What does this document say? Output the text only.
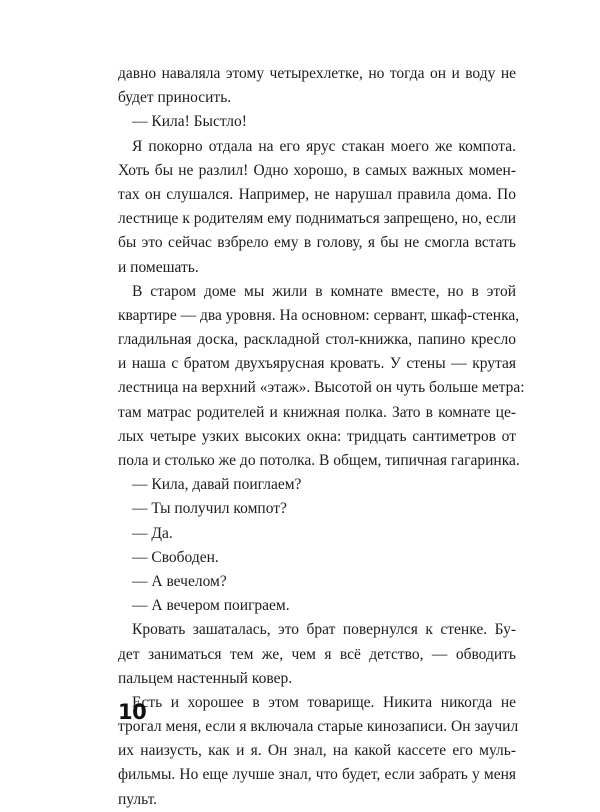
давно наваляла этому четырехлетке, но тогда он и воду не
будет приносить.
— Кила! Быстло!
Я покорно отдала на его ярус стакан моего же компота.
Хоть бы не разлил! Одно хорошо, в самых важных момен-
тах он слушался. Например, не нарушал правила дома. По
лестнице к родителям ему подниматься запрещено, но, если
бы это сейчас взбрело ему в голову, я бы не смогла встать
и помешать.
В старом доме мы жили в комнате вместе, но в этой
квартире — два уровня. На основном: сервант, шкаф-стенка,
гладильная доска, раскладной стол-книжка, папино кресло
и наша с братом двухъярусная кровать. У стены — крутая
лестница на верхний «этаж». Высотой он чуть больше метра:
там матрас родителей и книжная полка. Зато в комнате це-
лых четыре узких высоких окна: тридцать сантиметров от
пола и столько же до потолка. В общем, типичная гагаринка.
— Кила, давай поиглаем?
— Ты получил компот?
— Да.
— Свободен.
— А вечелом?
— А вечером поиграем.
Кровать зашаталась, это брат повернулся к стенке. Бу-
дет заниматься тем же, чем я всё детство, — обводить
пальцем настенный ковер.
Есть и хорошее в этом товарище. Никита никогда не
трогал меня, если я включала старые кинозаписи. Он заучил
их наизусть, как и я. Он знал, на какой кассете его муль-
фильмы. Но еще лучше знал, что будет, если забрать у меня
пульт.
10
